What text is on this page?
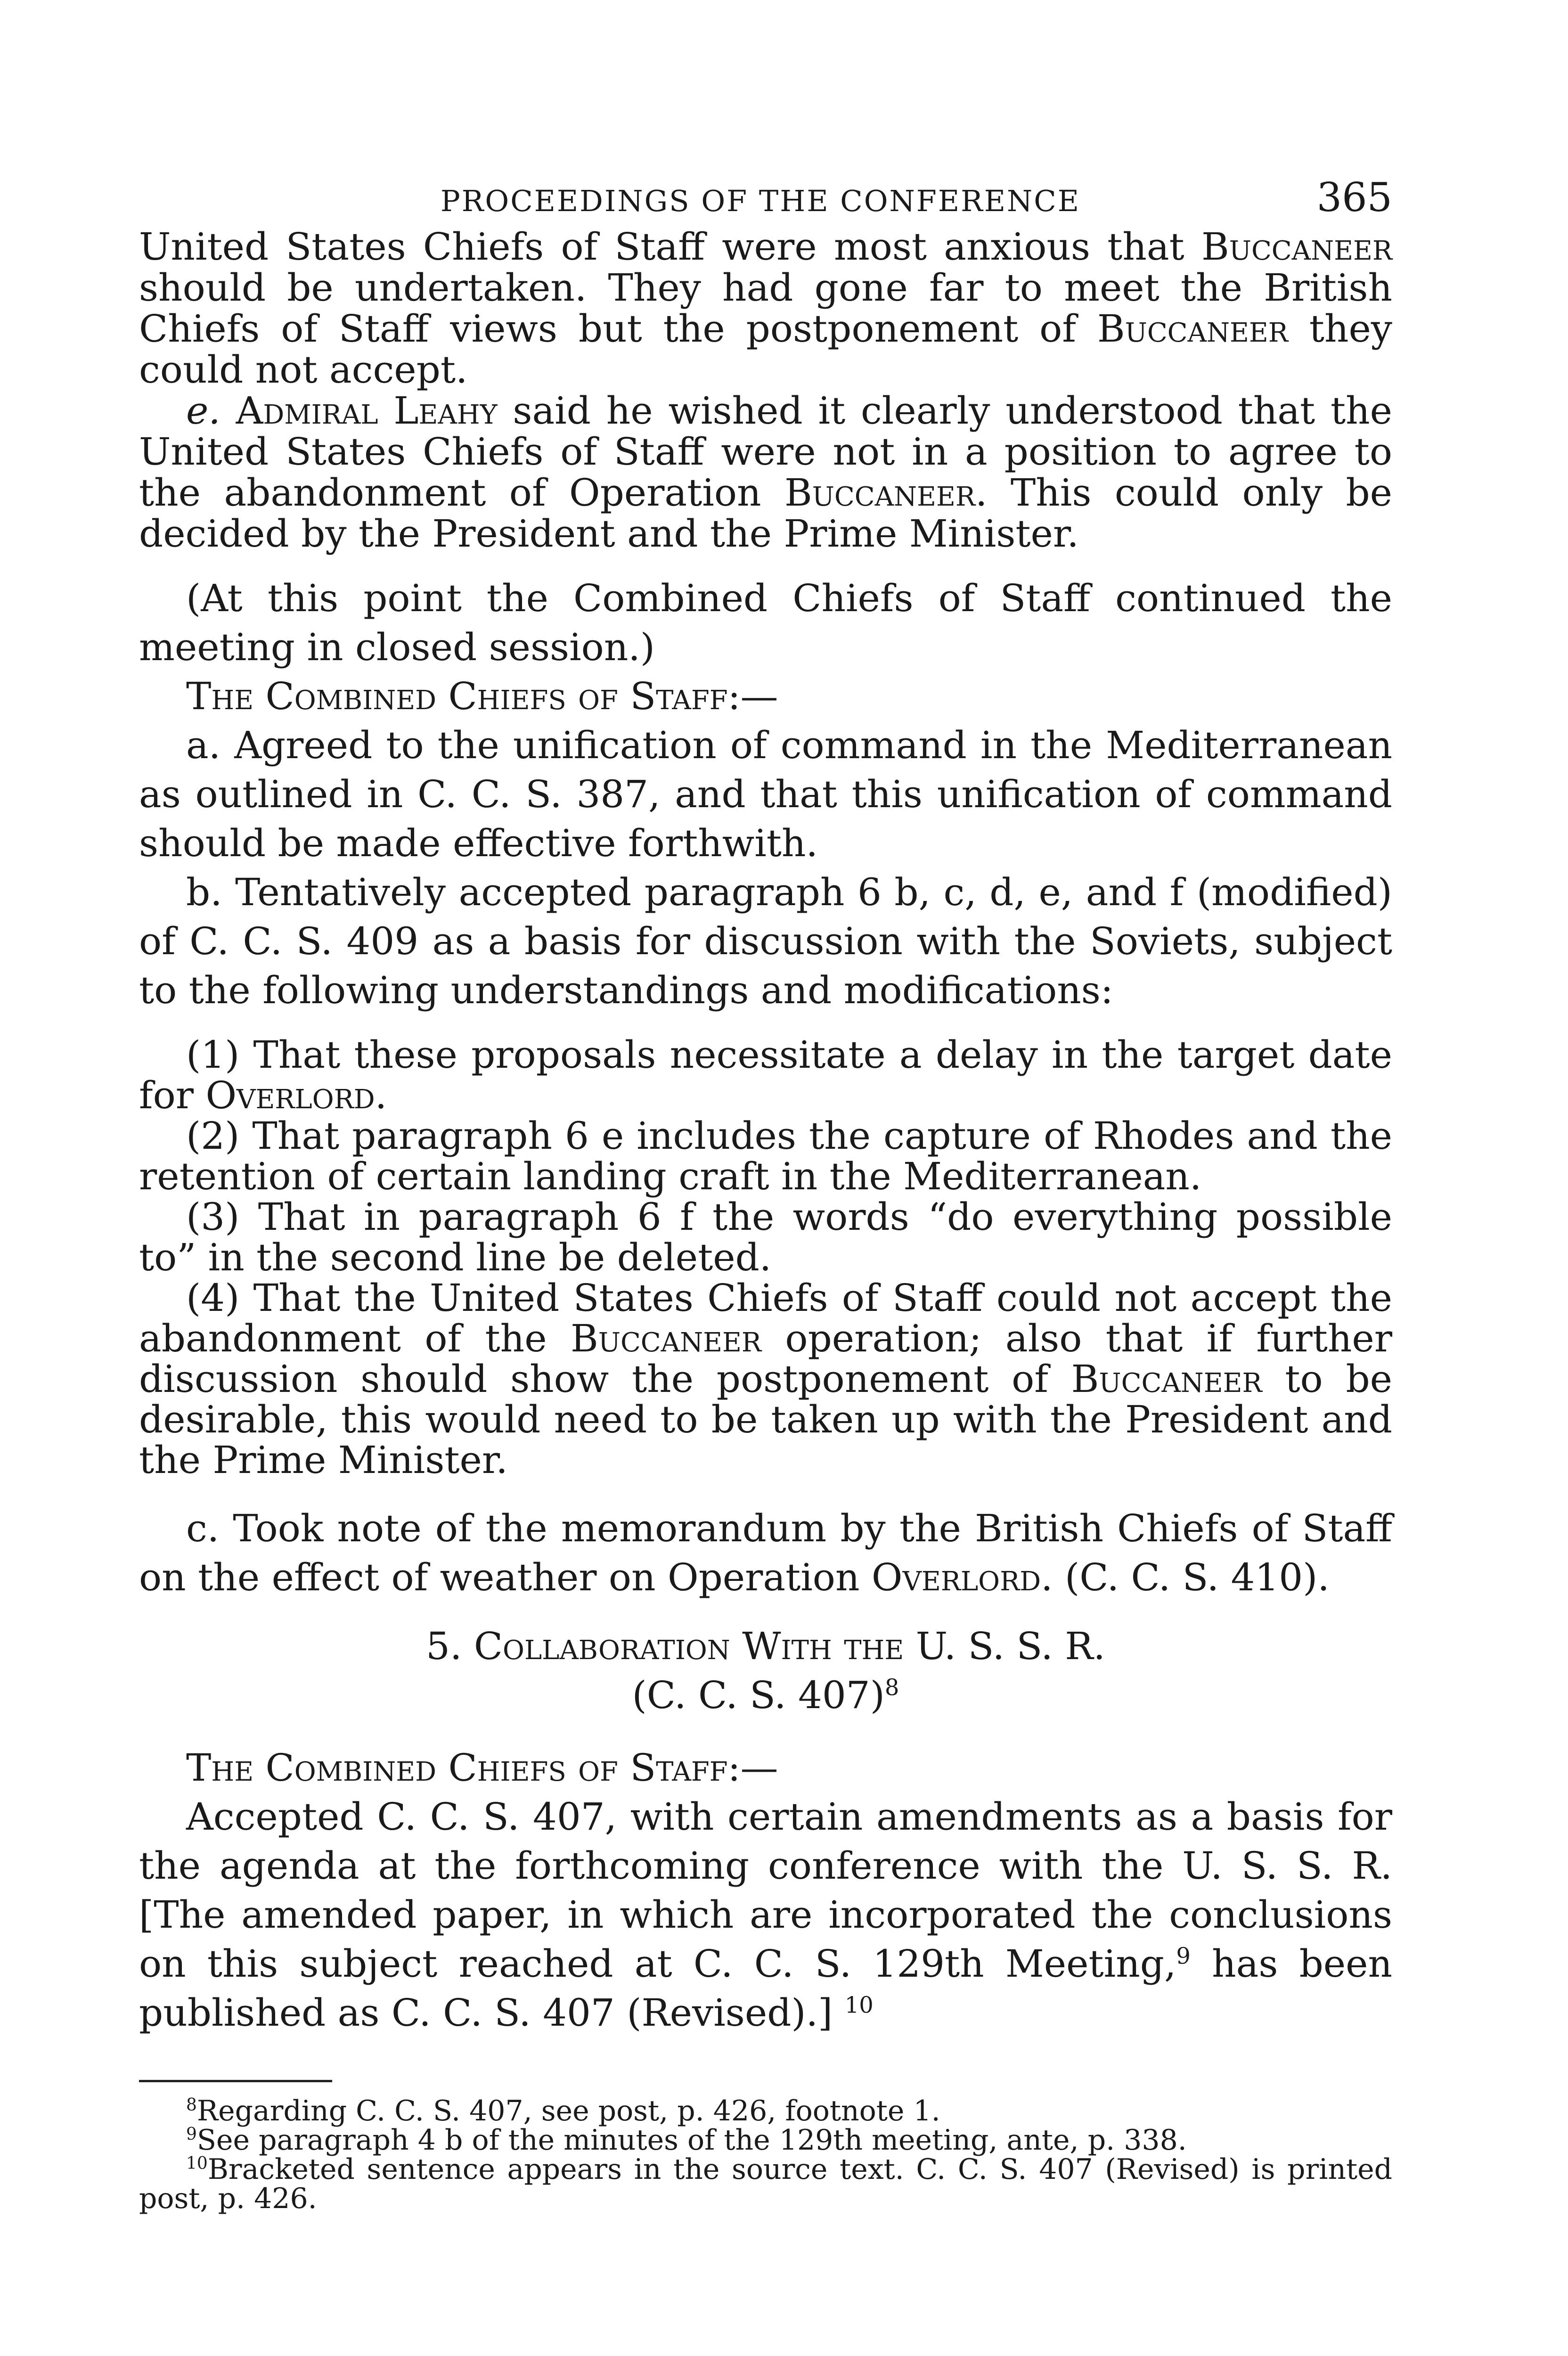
PROCEEDINGS OF THE CONFERENCE	365

United States Chiefs of Staff were most anxious that Buccaneer should be undertaken. They had gone far to meet the British Chiefs of Staff views but the postponement of Buccaneer they could not accept.

e. Admiral Leahy said he wished it clearly understood that the United States Chiefs of Staff were not in a position to agree to the abandonment of Operation Buccaneer. This could only be decided by the President and the Prime Minister.

(At this point the Combined Chiefs of Staff continued the meeting in closed session.)

The Combined Chiefs of Staff:—

a. Agreed to the unification of command in the Mediterranean as outlined in C. C. S. 387, and that this unification of command should be made effective forthwith.

b. Tentatively accepted paragraph 6 b, c, d, e, and f (modified) of C. C. S. 409 as a basis for discussion with the Soviets, subject to the following understandings and modifications:

(1) That these proposals necessitate a delay in the target date for Overlord.

(2) That paragraph 6 e includes the capture of Rhodes and the retention of certain landing craft in the Mediterranean.

(3) That in paragraph 6 f the words “do everything possible to” in the second line be deleted.

(4) That the United States Chiefs of Staff could not accept the abandonment of the Buccaneer operation; also that if further discussion should show the postponement of Buccaneer to be desirable, this would need to be taken up with the President and the Prime Minister.

c. Took note of the memorandum by the British Chiefs of Staff on the effect of weather on Operation Overlord. (C. C. S. 410).

5. Collaboration With the U. S. S. R.

(C. C. S. 407)$^8$

The Combined Chiefs of Staff:—

Accepted C. C. S. 407, with certain amendments as a basis for the agenda at the forthcoming conference with the U. S. S. R. [The amended paper, in which are incorporated the conclusions on this subject reached at C. C. S. 129th Meeting,$^9$ has been published as C. C. S. 407 (Revised).] $^{10}$

$^8$Regarding C. C. S. 407, see post, p. 426, footnote 1.

$^9$See paragraph 4 b of the minutes of the 129th meeting, ante, p. 338.

$^{10}$Bracketed sentence appears in the source text. C. C. S. 407 (Revised) is printed post, p. 426.
